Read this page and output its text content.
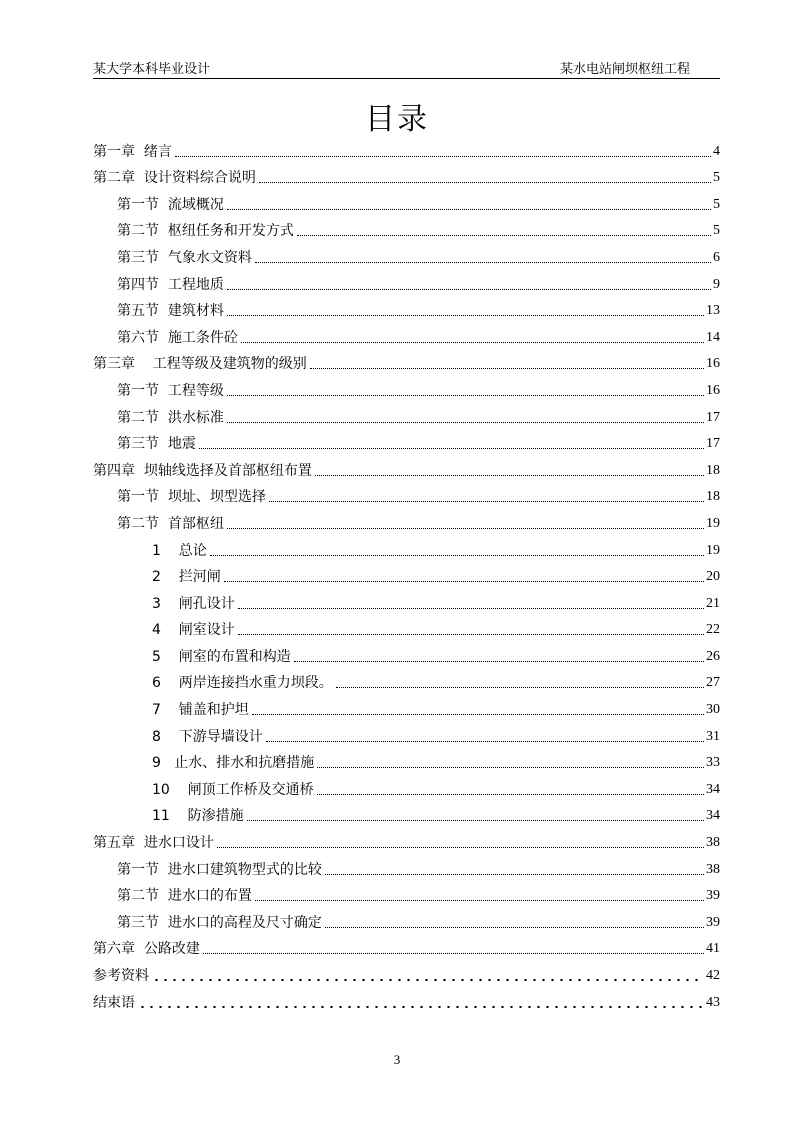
某大学本科毕业设计	某水电站闸坝枢纽工程
目录
第一章  绪言	4
第二章  设计资料综合说明	5
第一节  流域概况	5
第二节  枢纽任务和开发方式	5
第三节  气象水文资料	6
第四节  工程地质	9
第五节  建筑材料	13
第六节  施工条件砼	14
第三章    工程等级及建筑物的级别	16
第一节  工程等级	16
第二节  洪水标准	17
第三节  地震	17
第四章  坝轴线选择及首部枢纽布置	18
第一节  坝址、坝型选择	18
第二节  首部枢纽	19
1    总论	19
2    拦河闸	20
3    闸孔设计	21
4    闸室设计	22
5    闸室的布置和构造	26
6    两岸连接挡水重力坝段。	27
7    铺盖和护坦	30
8    下游导墙设计	31
9   止水、排水和抗磨措施	33
10    闸顶工作桥及交通桥	34
11    防渗措施	34
第五章  进水口设计	38
第一节  进水口建筑物型式的比较	38
第二节  进水口的布置	39
第三节  进水口的高程及尺寸确定	39
第六章  公路改建	41
参考资料	42
结束语	43
3
